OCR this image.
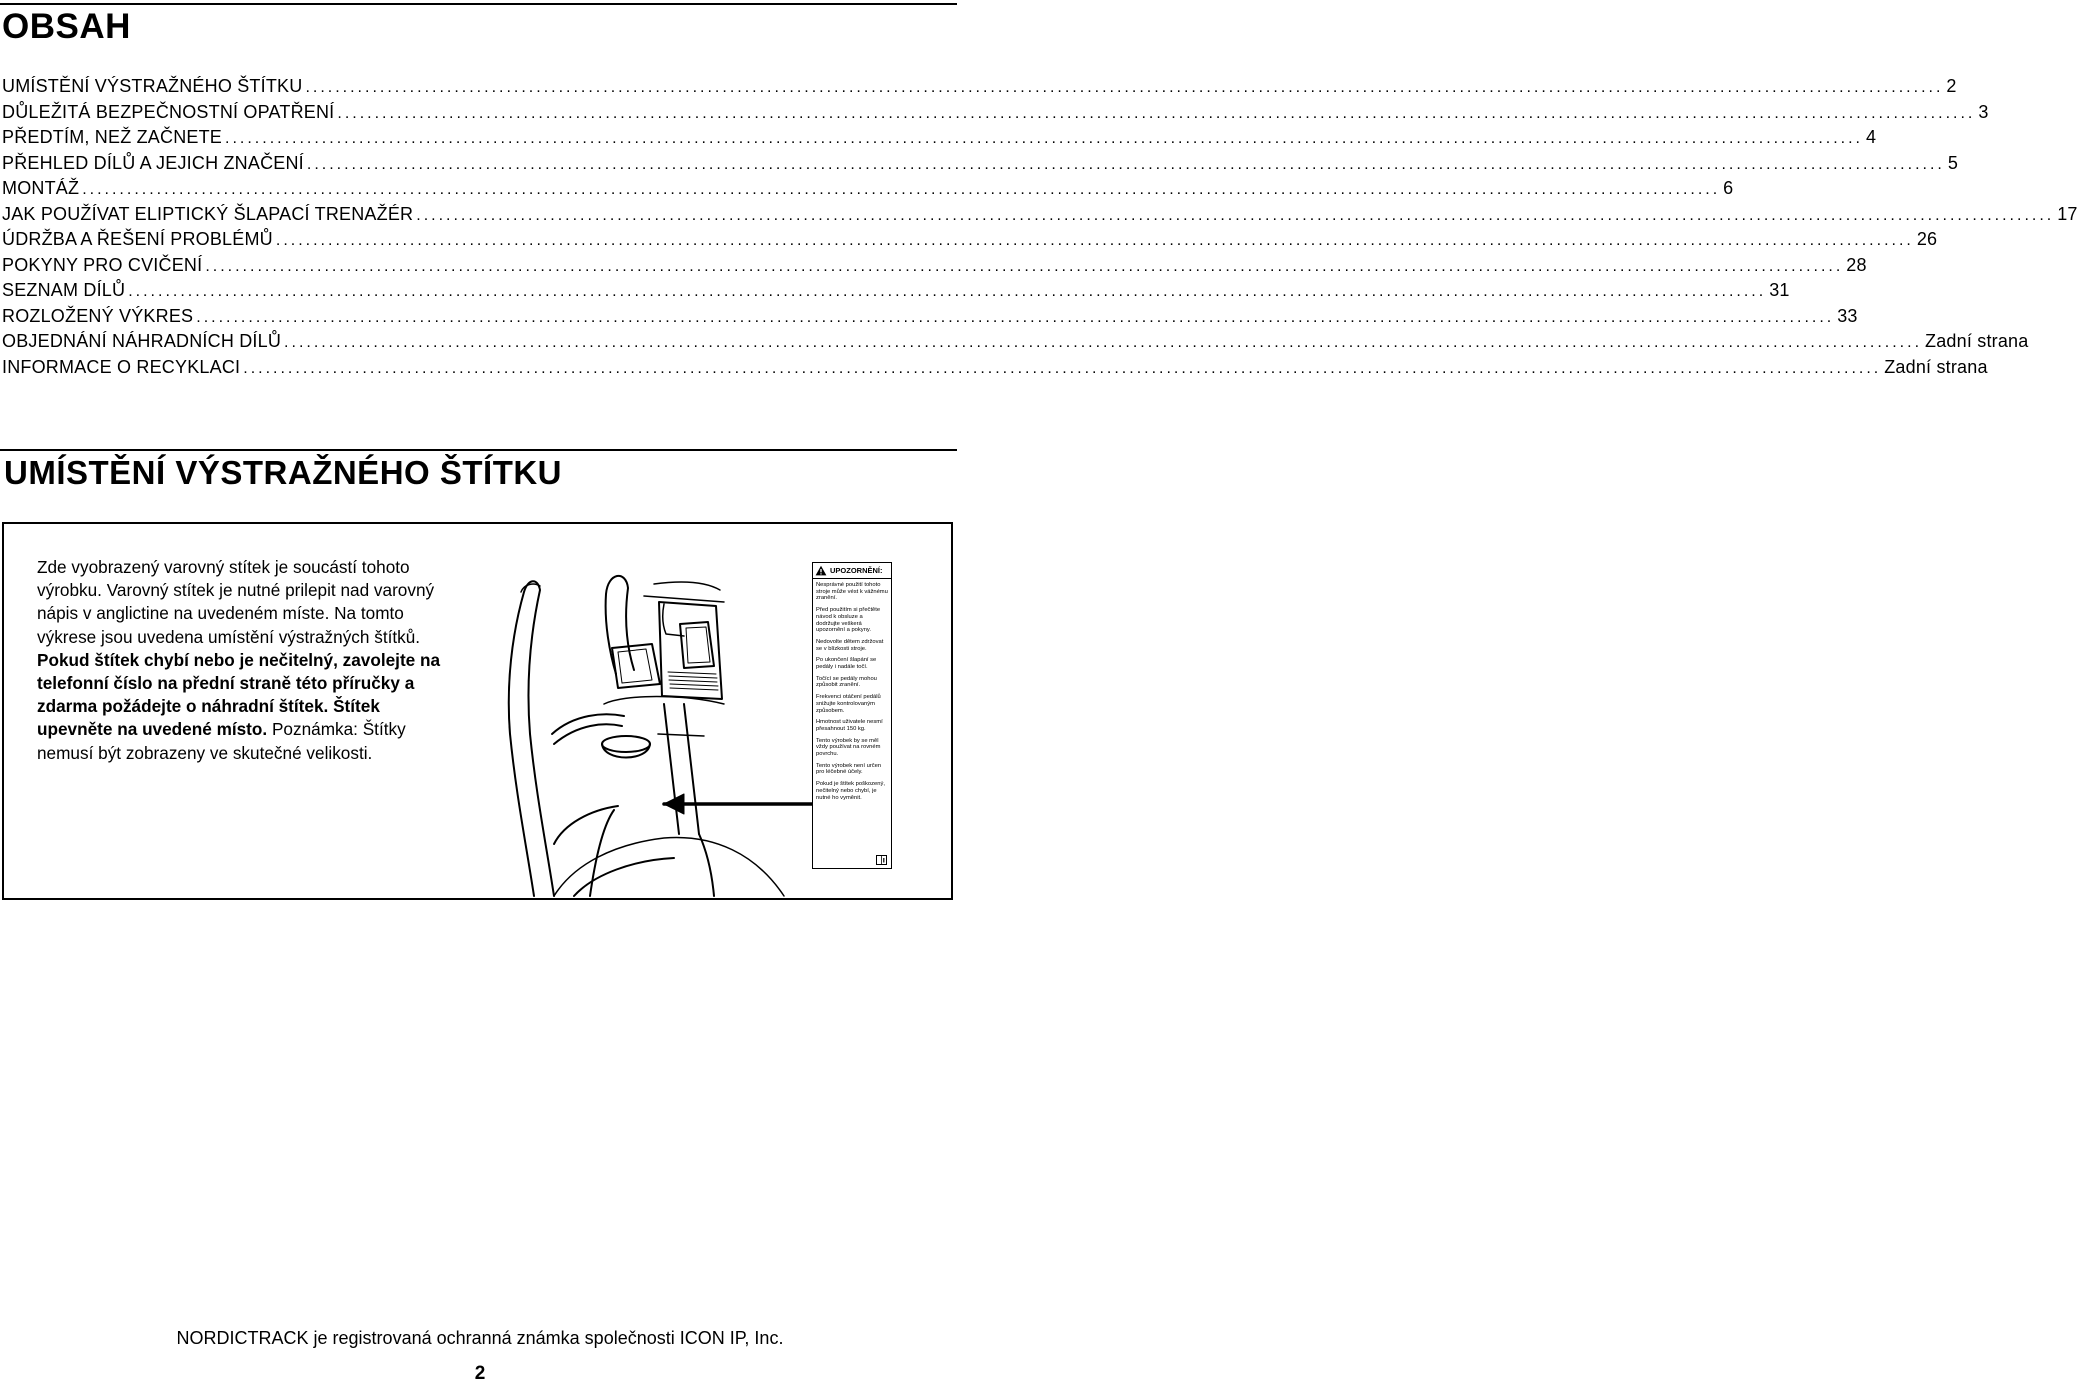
OBSAH
UMÍSTĚNÍ VÝSTRAŽNÉHO ŠTÍTKU ............................................................................................................................................................................................................................ 2
DŮLEŽITÁ BEZPEČNOSTNÍ OPATŘENÍ ............................................................................................................................................................................................................................ 3
PŘEDTÍM, NEŽ ZAČNETE ............................................................................................................................................................................................................................ 4
PŘEHLED DÍLŮ A JEJICH ZNAČENÍ ............................................................................................................................................................................................................................ 5
MONTÁŽ ............................................................................................................................................................................................................................ 6
JAK POUŽÍVAT ELIPTICKÝ ŠLAPACÍ TRENAŽÉR ............................................................................................................................................................................................................................ 17
ÚDRŽBA A ŘEŠENÍ PROBLÉMŮ ............................................................................................................................................................................................................................ 26
POKYNY PRO CVIČENÍ ............................................................................................................................................................................................................................ 28
SEZNAM DÍLŮ ............................................................................................................................................................................................................................ 31
ROZLOŽENÝ VÝKRES ............................................................................................................................................................................................................................ 33
OBJEDNÁNÍ NÁHRADNÍCH DÍLŮ ............................................................................................................................................................................................................................ Zadní strana
INFORMACE O RECYKLACI ............................................................................................................................................................................................................................ Zadní strana
UMÍSTĚNÍ VÝSTRAŽNÉHO ŠTÍTKU

Zde vyobrazený varovný stítek je soucástí tohoto výrobku. Varovný stítek je nutné prilepit nad varovný nápis v anglictine na uvedeném míste. Na tomto výkrese jsou uvedena umístění výstražných štítků. Pokud štítek chybí nebo je nečitelný, zavolejte na telefonní číslo na přední straně této příručky a zdarma požádejte o náhradní štítek. Štítek upevněte na uvedené místo. Poznámka: Štítky nemusí být zobrazeny ve skutečné velikosti.

UPOZORNĚNÍ:

Nesprávné použití tohoto stroje může vést k vážnému zranění.

Před použitím si přečtěte návod k obsluze a dodržujte veškerá upozornění a pokyny.

Nedovolte dětem zdržovat se v blízkosti stroje.

Po ukončení šlapání se pedály i nadále točí.

Točící se pedály mohou způsobit zranění.

Frekvenci otáčení pedálů snižujte kontrolovaným způsobem.

Hmotnost uživatele nesmí přesahnout 150 kg.

Tento výrobek by se měl vždy používat na rovném povrchu.

Tento výrobek není určen pro léčebné účely.

Pokud je štítek poškozený, nečitelný nebo chybí, je nutné ho vyměnit.

NORDICTRACK je registrovaná ochranná známka společnosti ICON IP, Inc.
2
